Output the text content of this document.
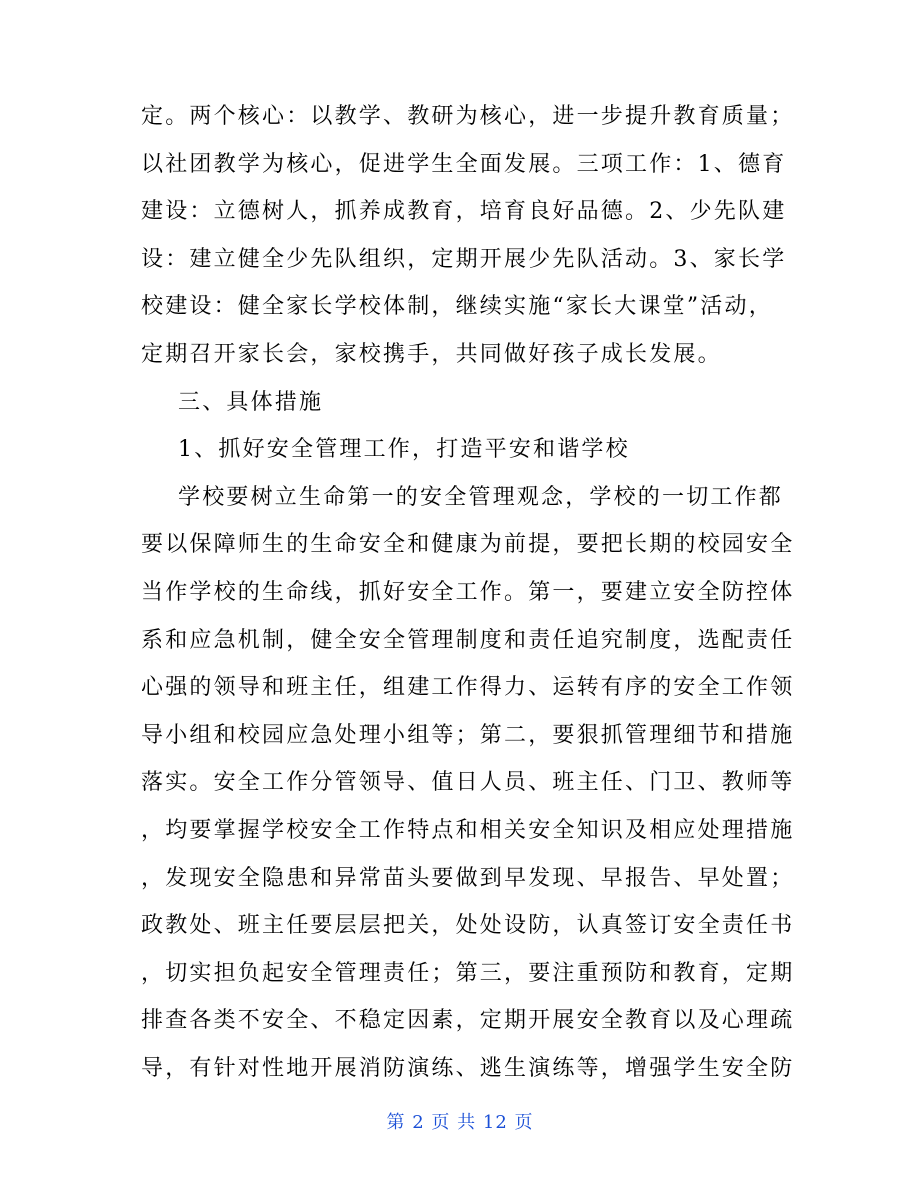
定。两个核心：以教学、教研为核心，进一步提升教育质量；
以社团教学为核心，促进学生全面发展。三项工作：1、德育
建设：立德树人，抓养成教育，培育良好品德。2、少先队建
设：建立健全少先队组织，定期开展少先队活动。3、家长学
校建设：健全家长学校体制，继续实施“家长大课堂”活动，
定期召开家长会，家校携手，共同做好孩子成长发展。
三、具体措施
1、抓好安全管理工作，打造平安和谐学校
学校要树立生命第一的安全管理观念，学校的一切工作都
要以保障师生的生命安全和健康为前提，要把长期的校园安全
当作学校的生命线，抓好安全工作。第一，要建立安全防控体
系和应急机制，健全安全管理制度和责任追究制度，选配责任
心强的领导和班主任，组建工作得力、运转有序的安全工作领
导小组和校园应急处理小组等；第二，要狠抓管理细节和措施
落实。安全工作分管领导、值日人员、班主任、门卫、教师等
，均要掌握学校安全工作特点和相关安全知识及相应处理措施
，发现安全隐患和异常苗头要做到早发现、早报告、早处置；
政教处、班主任要层层把关，处处设防，认真签订安全责任书
，切实担负起安全管理责任；第三，要注重预防和教育，定期
排查各类不安全、不稳定因素，定期开展安全教育以及心理疏
导，有针对性地开展消防演练、逃生演练等，增强学生安全防
第 2 页 共 12 页
